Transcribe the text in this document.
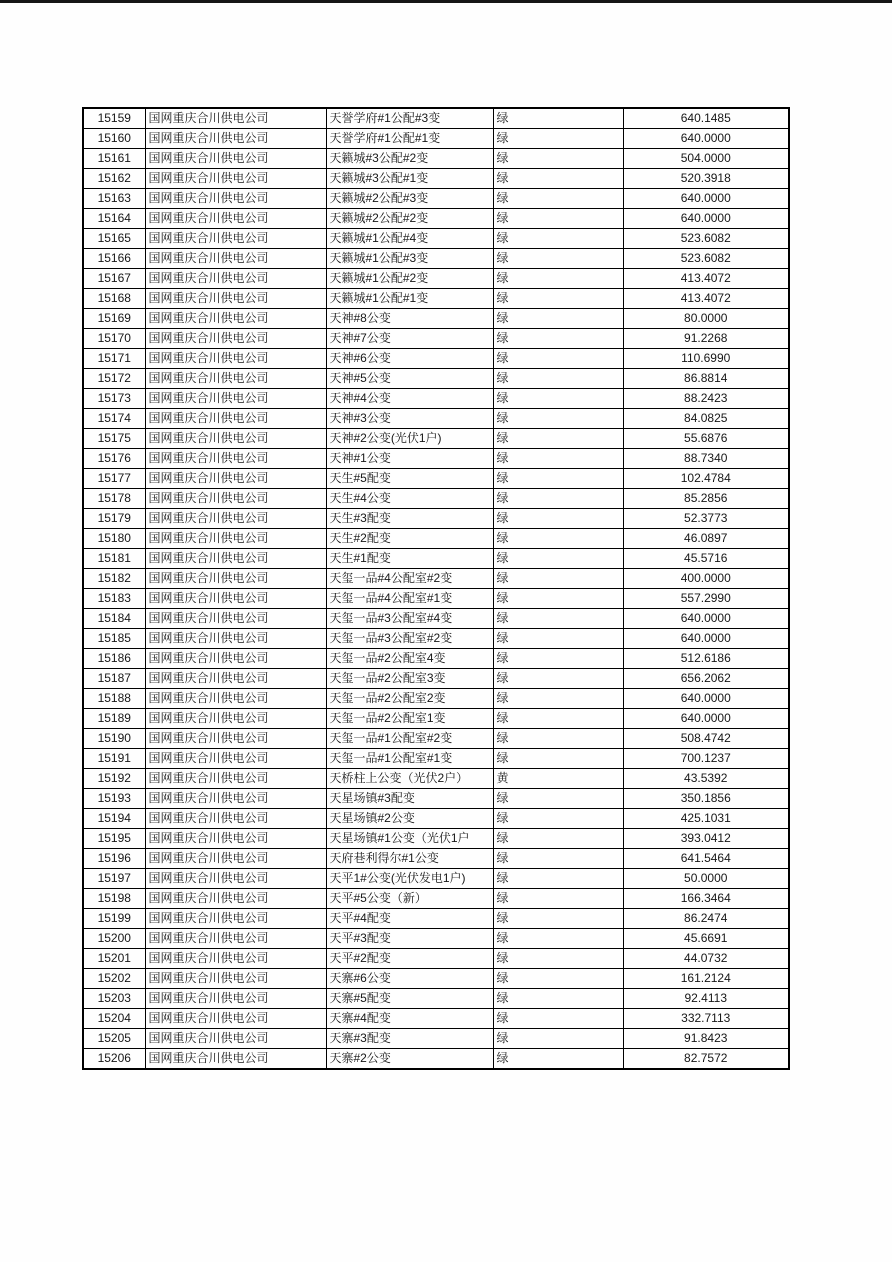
15159	国网重庆合川供电公司	天誉学府#1公配#3变	绿	640.1485
15160	国网重庆合川供电公司	天誉学府#1公配#1变	绿	640.0000
15161	国网重庆合川供电公司	天籁城#3公配#2变	绿	504.0000
15162	国网重庆合川供电公司	天籁城#3公配#1变	绿	520.3918
15163	国网重庆合川供电公司	天籁城#2公配#3变	绿	640.0000
15164	国网重庆合川供电公司	天籁城#2公配#2变	绿	640.0000
15165	国网重庆合川供电公司	天籁城#1公配#4变	绿	523.6082
15166	国网重庆合川供电公司	天籁城#1公配#3变	绿	523.6082
15167	国网重庆合川供电公司	天籁城#1公配#2变	绿	413.4072
15168	国网重庆合川供电公司	天籁城#1公配#1变	绿	413.4072
15169	国网重庆合川供电公司	天神#8公变	绿	80.0000
15170	国网重庆合川供电公司	天神#7公变	绿	91.2268
15171	国网重庆合川供电公司	天神#6公变	绿	110.6990
15172	国网重庆合川供电公司	天神#5公变	绿	86.8814
15173	国网重庆合川供电公司	天神#4公变	绿	88.2423
15174	国网重庆合川供电公司	天神#3公变	绿	84.0825
15175	国网重庆合川供电公司	天神#2公变(光伏1户)	绿	55.6876
15176	国网重庆合川供电公司	天神#1公变	绿	88.7340
15177	国网重庆合川供电公司	天生#5配变	绿	102.4784
15178	国网重庆合川供电公司	天生#4公变	绿	85.2856
15179	国网重庆合川供电公司	天生#3配变	绿	52.3773
15180	国网重庆合川供电公司	天生#2配变	绿	46.0897
15181	国网重庆合川供电公司	天生#1配变	绿	45.5716
15182	国网重庆合川供电公司	天玺一品#4公配室#2变	绿	400.0000
15183	国网重庆合川供电公司	天玺一品#4公配室#1变	绿	557.2990
15184	国网重庆合川供电公司	天玺一品#3公配室#4变	绿	640.0000
15185	国网重庆合川供电公司	天玺一品#3公配室#2变	绿	640.0000
15186	国网重庆合川供电公司	天玺一品#2公配室4变	绿	512.6186
15187	国网重庆合川供电公司	天玺一品#2公配室3变	绿	656.2062
15188	国网重庆合川供电公司	天玺一品#2公配室2变	绿	640.0000
15189	国网重庆合川供电公司	天玺一品#2公配室1变	绿	640.0000
15190	国网重庆合川供电公司	天玺一品#1公配室#2变	绿	508.4742
15191	国网重庆合川供电公司	天玺一品#1公配室#1变	绿	700.1237
15192	国网重庆合川供电公司	天桥柱上公变（光伏2户）	黄	43.5392
15193	国网重庆合川供电公司	天星场镇#3配变	绿	350.1856
15194	国网重庆合川供电公司	天星场镇#2公变	绿	425.1031
15195	国网重庆合川供电公司	天星场镇#1公变（光伏1户	绿	393.0412
15196	国网重庆合川供电公司	天府巷利得尔#1公变	绿	641.5464
15197	国网重庆合川供电公司	天平1#公变(光伏发电1户)	绿	50.0000
15198	国网重庆合川供电公司	天平#5公变（新）	绿	166.3464
15199	国网重庆合川供电公司	天平#4配变	绿	86.2474
15200	国网重庆合川供电公司	天平#3配变	绿	45.6691
15201	国网重庆合川供电公司	天平#2配变	绿	44.0732
15202	国网重庆合川供电公司	天寨#6公变	绿	161.2124
15203	国网重庆合川供电公司	天寨#5配变	绿	92.4113
15204	国网重庆合川供电公司	天寨#4配变	绿	332.7113
15205	国网重庆合川供电公司	天寨#3配变	绿	91.8423
15206	国网重庆合川供电公司	天寨#2公变	绿	82.7572
